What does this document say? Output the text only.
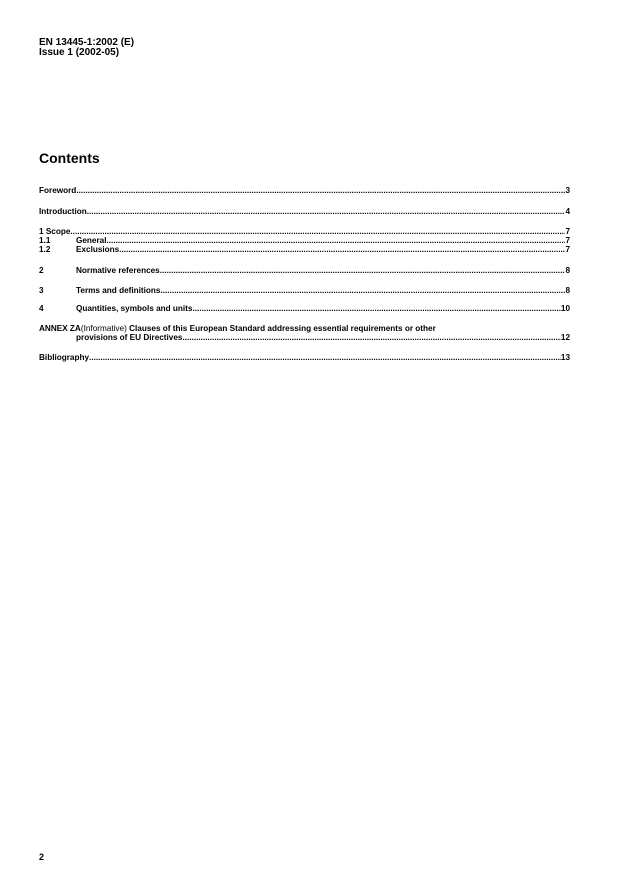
EN 13445-1:2002 (E)
Issue 1 (2002-05)
Contents
Foreword .....	3
Introduction .....	4
1 Scope .....	7
1.1	General .....	7
1.2	Exclusions .....	7
2	Normative references .....	8
3	Terms and definitions .....	8
4	Quantities, symbols and units .....	10
ANNEX ZA(Informative) Clauses of this European Standard addressing essential requirements or other
provisions of EU Directives .....	12
Bibliography .....	13
2
